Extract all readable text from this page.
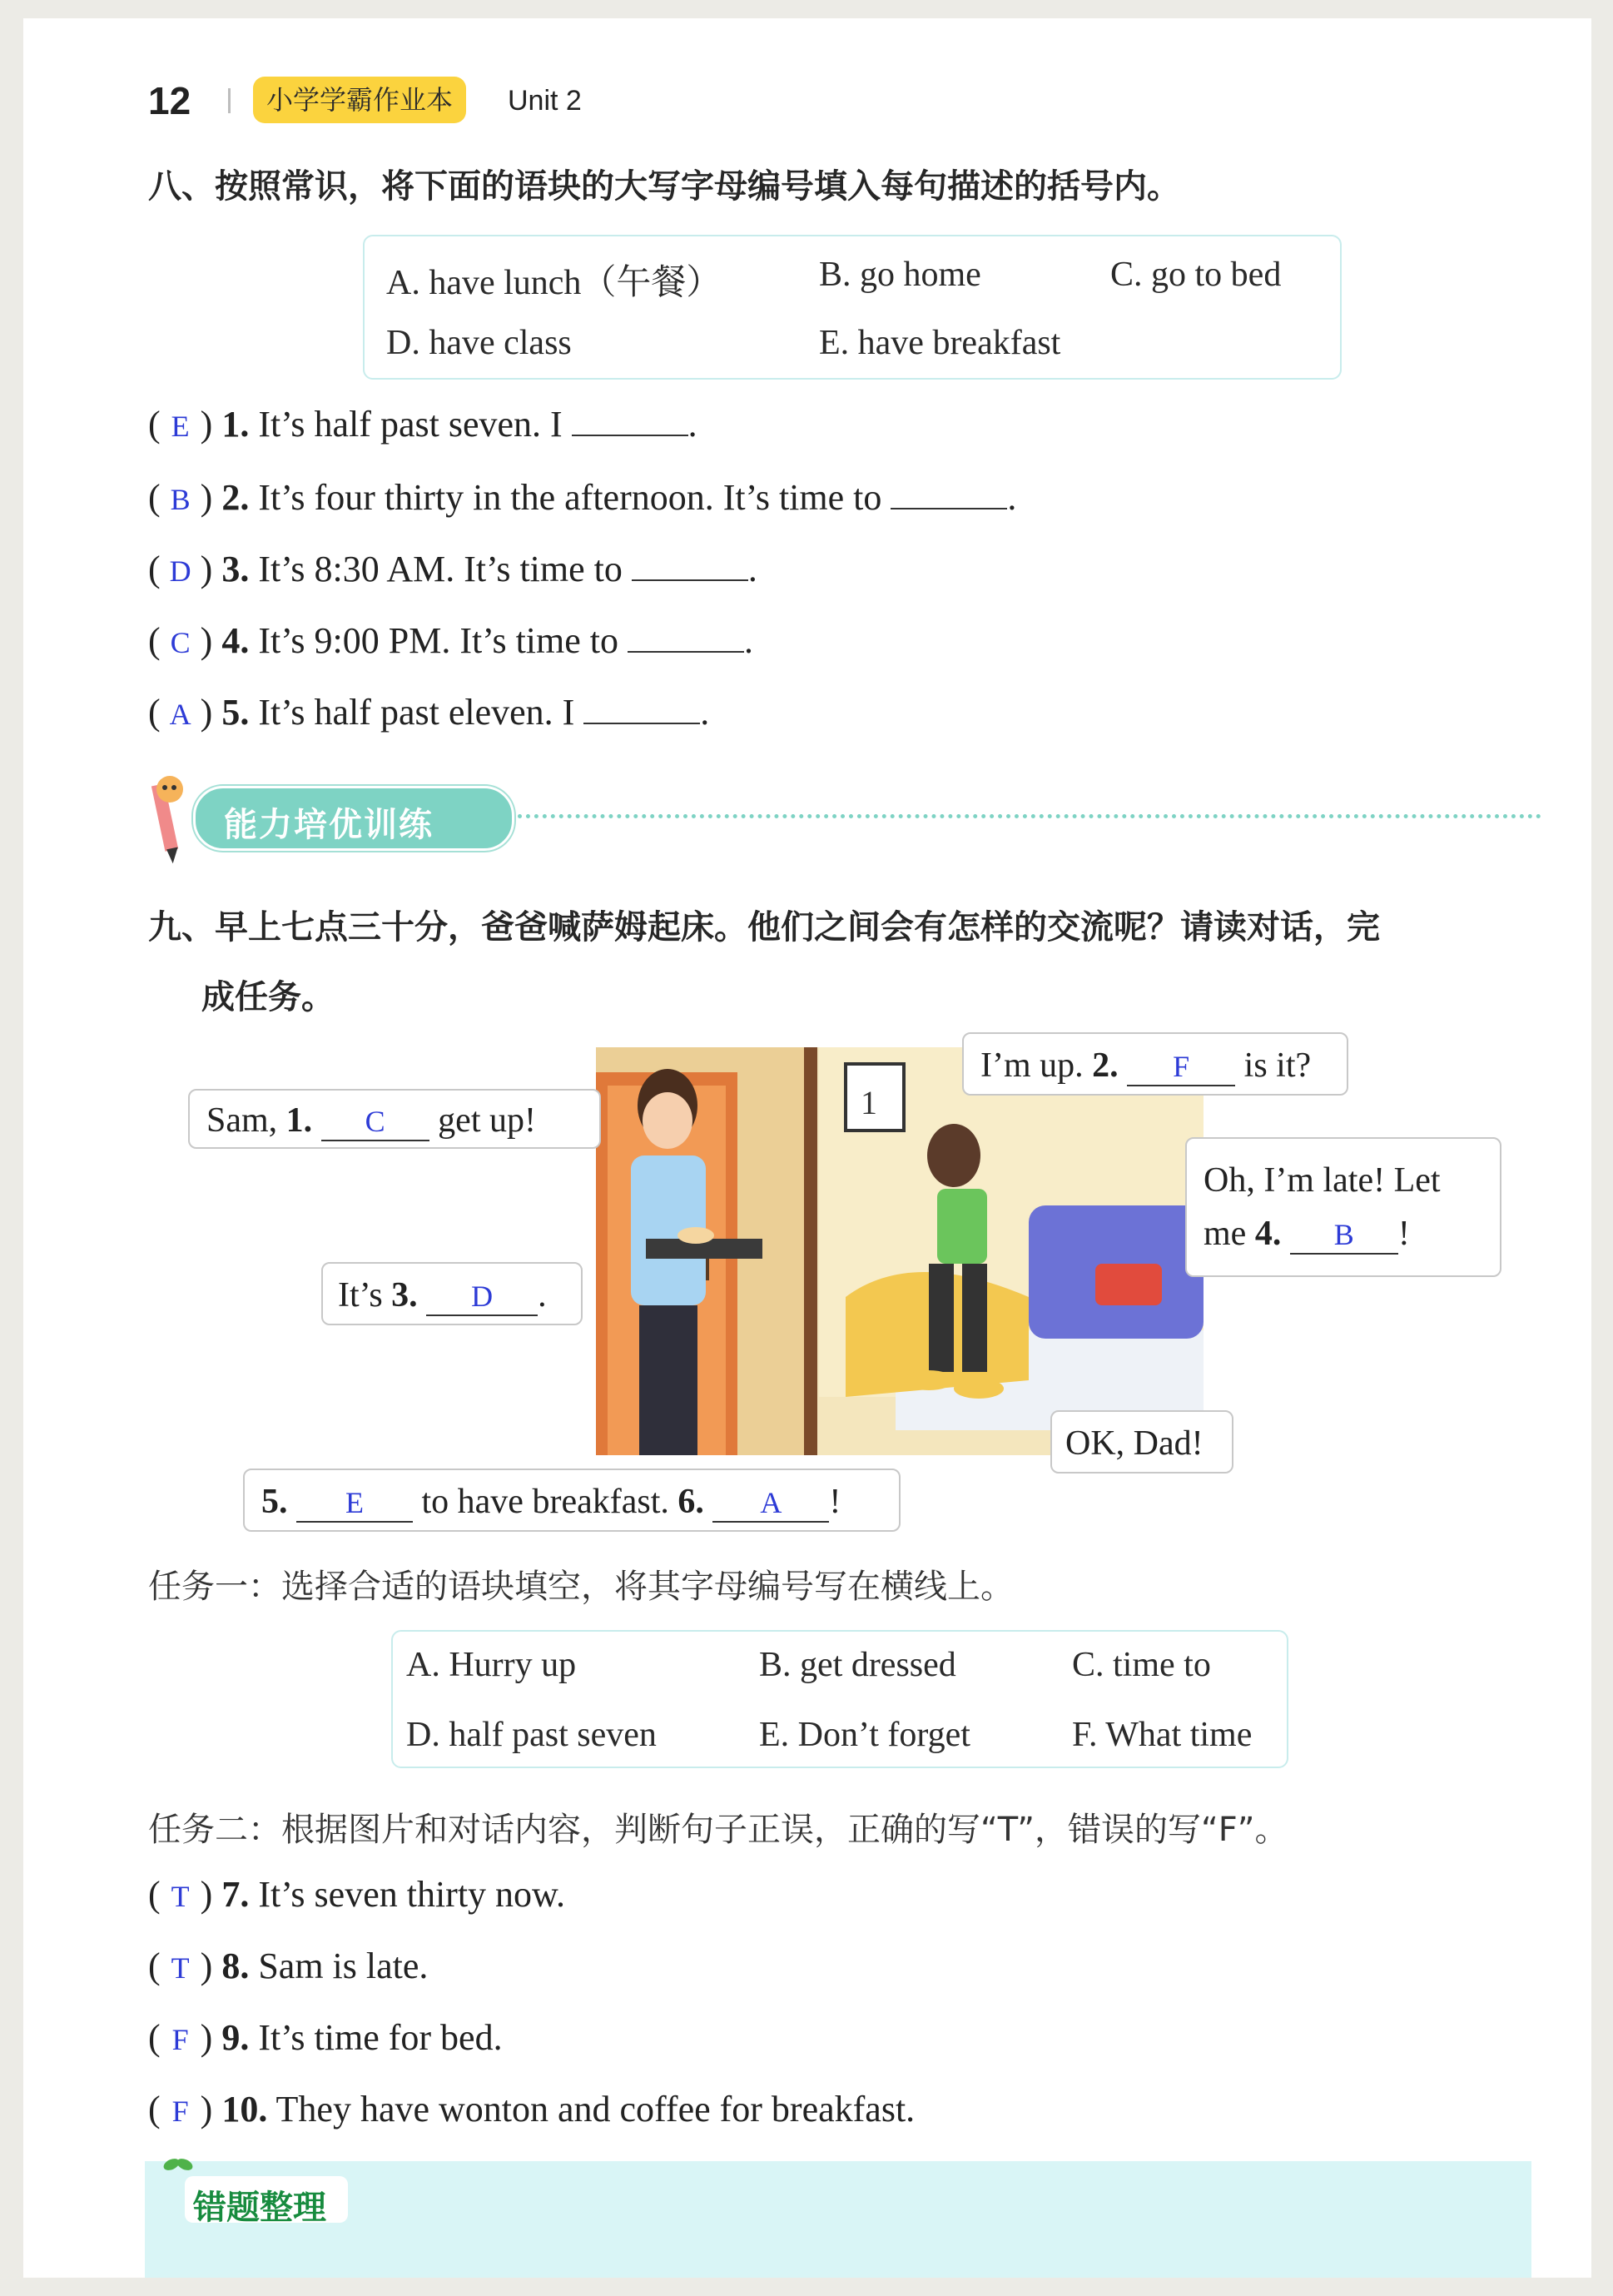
12	小学学霸作业本	Unit 2
八、按照常识，将下面的语块的大写字母编号填入每句描述的括号内。
A. have lunch（午餐）	B. go home	C. go to bed
D. have class	E. have breakfast
( E ) 1. It’s half past seven. I	.
( B ) 2. It’s four thirty in the afternoon. It’s time to	.
( D ) 3. It’s 8:30 AM. It’s time to	.
( C ) 4. It’s 9:00 PM. It’s time to	.
( A ) 5. It’s half past eleven. I	.
能力培优训练
九、早上七点三十分，爸爸喊萨姆起床。他们之间会有怎样的交流呢？请读对话，完
成任务。
1
Sam, 1. C get up!
I’m up. 2. F is it?
Oh, I’m late! Let
me 4. B !
It’s 3. D .
OK, Dad!
5. E to have breakfast. 6. A !
任务一：选择合适的语块填空，将其字母编号写在横线上。
A. Hurry up	B. get dressed	C. time to
D. half past seven	E. Don’t forget	F. What time
任务二：根据图片和对话内容，判断句子正误，正确的写“T”，错误的写“F”。
( T ) 7. It’s seven thirty now.
( T ) 8. Sam is late.
( F ) 9. It’s time for bed.
( F ) 10. They have wonton and coffee for breakfast.
错题整理
